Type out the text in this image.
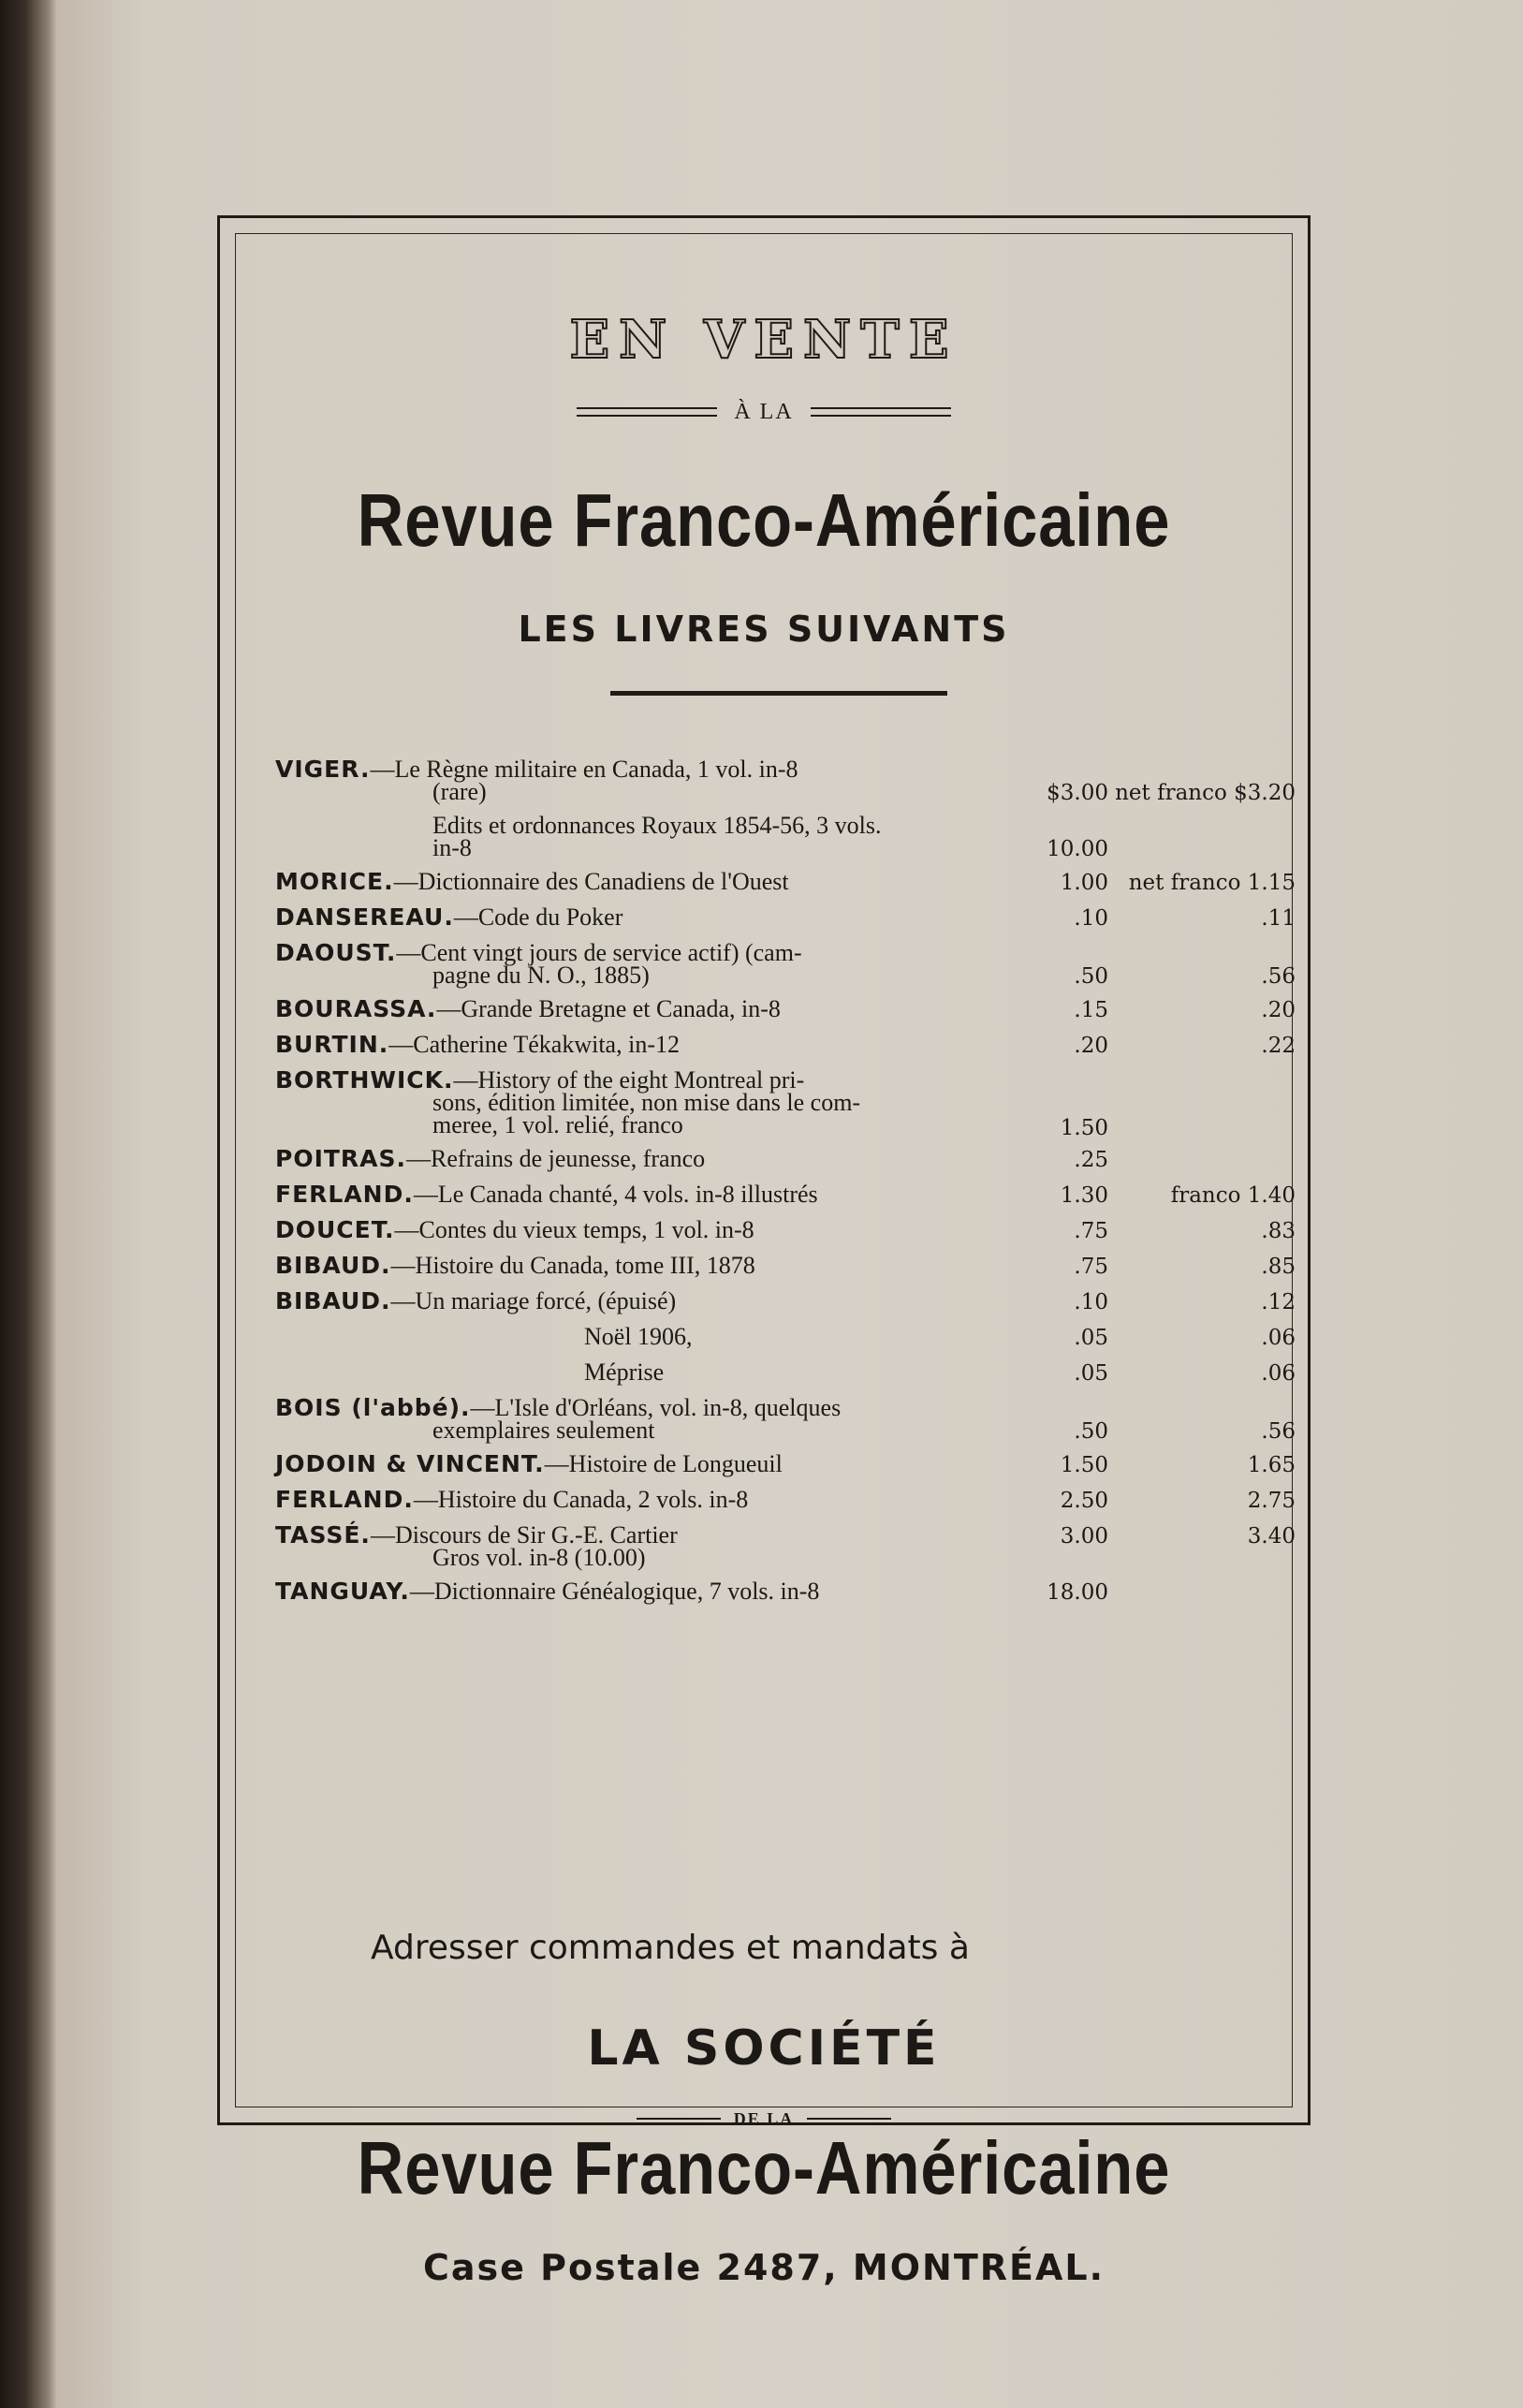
EN VENTE
À LA
Revue Franco-Américaine
LES LIVRES SUIVANTS
VIGER.—Le Règne militaire en Canada, 1 vol. in-8
(rare)	$3.00 net franco $3.20
Edits et ordonnances Royaux 1854-56, 3 vols.
in-8	10.00
MORICE.—Dictionnaire des Canadiens de l'Ouest	1.00 net franco 1.15
DANSEREAU.—Code du Poker	.10	.11
DAOUST.—Cent vingt jours de service actif) (cam-
pagne du N. O., 1885)	.50	.56
BOURASSA.—Grande Bretagne et Canada, in-8	.15	.20
BURTIN.—Catherine Tékakwita, in-12	.20	.22
BORTHWICK.—History of the eight Montreal pri-
sons, édition limitée, non mise dans le com-
meree, 1 vol. relié, franco	1.50
POITRAS.—Refrains de jeunesse, franco	.25
FERLAND.—Le Canada chanté, 4 vols. in-8 illustrés	1.30	franco 1.40
DOUCET.—Contes du vieux temps, 1 vol. in-8	.75	.83
BIBAUD.—Histoire du Canada, tome III, 1878	.75	.85
BIBAUD.—Un mariage forcé, (épuisé)	.10	.12
Noël 1906,	.05	.06
Méprise	.05	.06
BOIS (l'abbé).—L'Isle d'Orléans, vol. in-8, quelques
exemplaires seulement	.50	.56
JODOIN & VINCENT.—Histoire de Longueuil	1.50	1.65
FERLAND.—Histoire du Canada, 2 vols. in-8	2.50	2.75
TASSÉ.—Discours de Sir G.-E. Cartier
Gros vol. in-8 (10.00)
3.00	3.40
TANGUAY.—Dictionnaire Généalogique, 7 vols. in-8	18.00
Adresser commandes et mandats à
LA SOCIÉTÉ
DE LA
Revue Franco-Américaine
Case Postale 2487, MONTRÉAL.
